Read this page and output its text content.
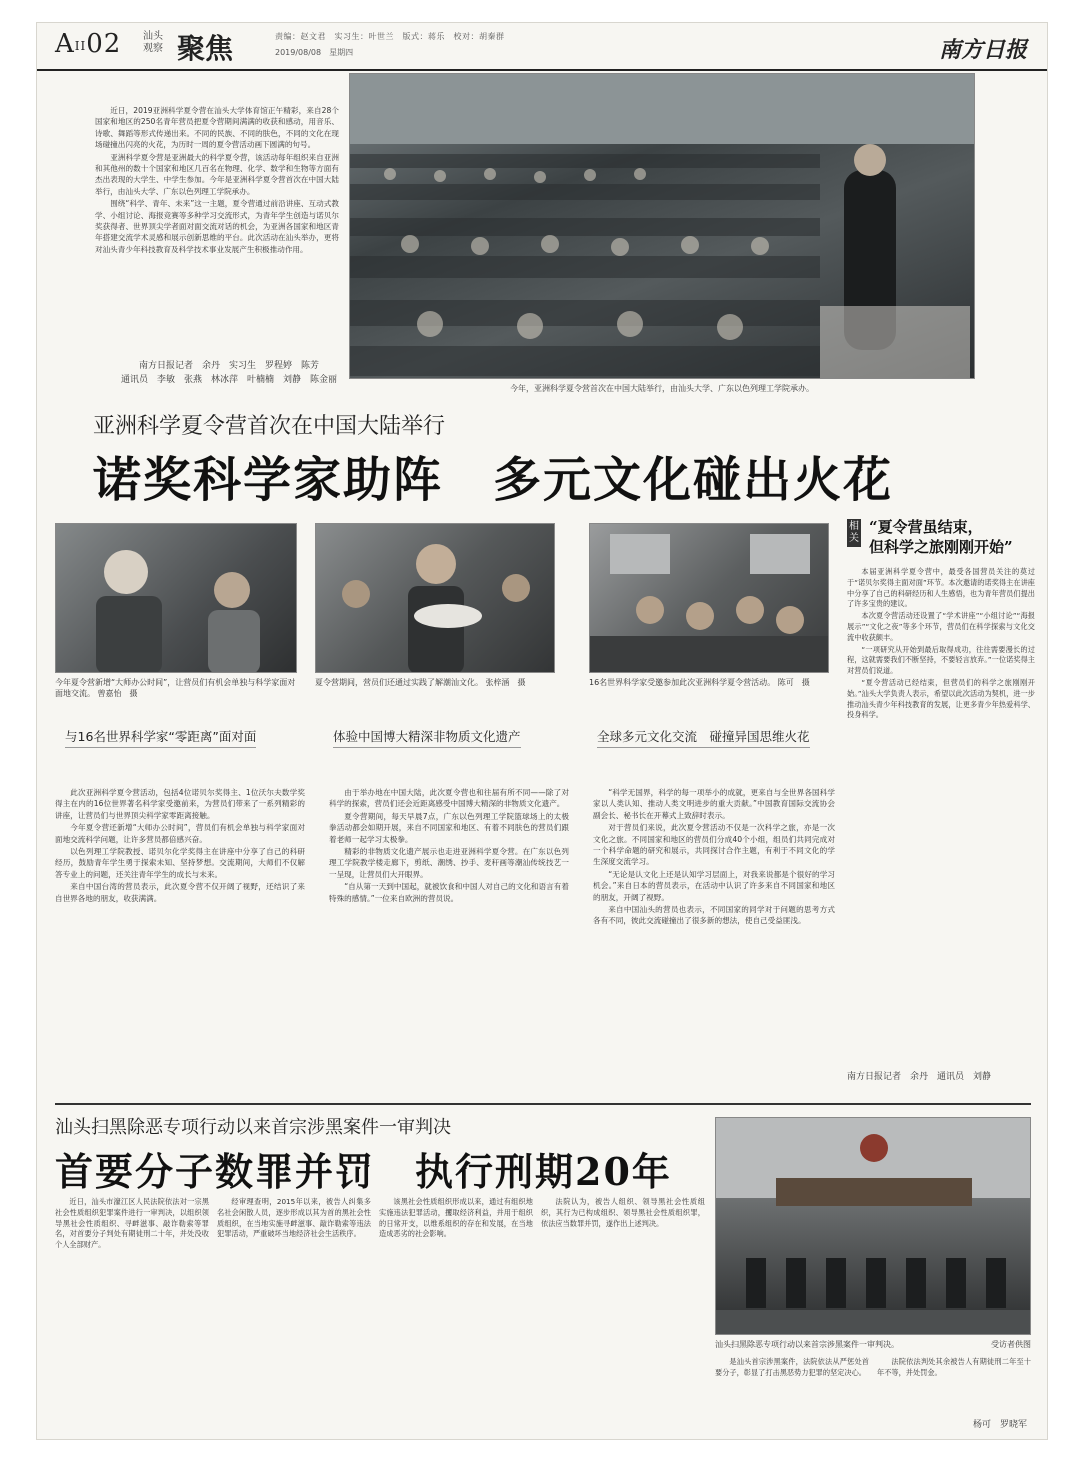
AII02 汕头观察 聚焦	责编：赵文君　实习生：叶世兰　版式：蒋乐　校对：胡秦群
2019/08/08　星期四	南方日报

近日，2019亚洲科学夏令营在汕头大学体育馆正午精彩，来自28个国家和地区的250名青年营员把夏令营期间满满的收获和感动，用音乐、诗歌、舞蹈等形式传递出来。不同的民族、不同的肤色，不同的文化在现场碰撞出闪亮的火花，为历时一周的夏令营活动画下圆满的句号。

亚洲科学夏令营是亚洲最大的科学夏令营，该活动每年组织来自亚洲和其他州的数十个国家和地区几百名在物理、化学、数学和生物等方面有杰出表现的大学生、中学生参加。今年是亚洲科学夏令营首次在中国大陆举行，由汕头大学、广东以色列理工学院承办。

围绕“科学、青年、未来”这一主题，夏令营通过前沿讲座、互动式教学、小组讨论、海报竞赛等多种学习交流形式，为青年学生创造与诺贝尔奖获得者、世界顶尖学者面对面交流对话的机会，为亚洲各国家和地区青年搭建交流学术灵感和展示创新思维的平台。此次活动在汕头举办，更将对汕头青少年科技教育及科学技术事业发展产生积极推动作用。

南方日报记者　余丹　实习生　罗程婷　陈芳
通讯员　李敏　张燕　林冰萍　叶楠楠　刘静　陈金丽
今年，亚洲科学夏令营首次在中国大陆举行，由汕头大学、广东以色列理工学院承办。
亚洲科学夏令营首次在中国大陆举行
诺奖科学家助阵　多元文化碰出火花
今年夏令营新增“大师办公时间”，让营员们有机会单独与科学家面对面地交流。 曾嘉怡　摄
夏令营期间，营员们还通过实践了解潮汕文化。 张梓涵　摄	16名世界科学家受邀参加此次亚洲科学夏令营活动。 陈可　摄
与16名世界科学家“零距离”面对面	体验中国博大精深非物质文化遗产	全球多元文化交流　碰撞异国思维火花

此次亚洲科学夏令营活动，包括4位诺贝尔奖得主、1位沃尔夫数学奖得主在内的16位世界著名科学家受邀前来，为营员们带来了一系列精彩的讲座，让营员们与世界顶尖科学家零距离接触。

今年夏令营还新增“大师办公时间”，营员们有机会单独与科学家面对面地交流科学问题，让许多营员都倍感兴奋。

以色列理工学院教授、诺贝尔化学奖得主在讲座中分享了自己的科研经历，鼓励青年学生勇于探索未知、坚持梦想。交流期间，大师们不仅解答专业上的问题，还关注青年学生的成长与未来。

来自中国台湾的营员表示，此次夏令营不仅开阔了视野，还结识了来自世界各地的朋友，收获满满。

由于举办地在中国大陆，此次夏令营也和往届有所不同——除了对科学的探索，营员们还会近距离感受中国博大精深的非物质文化遗产。

夏令营期间，每天早晨7点，广东以色列理工学院篮球场上的太极拳活动都会如期开展，来自不同国家和地区、有着不同肤色的营员们跟着老师一起学习太极拳。

精彩的非物质文化遗产展示也走进亚洲科学夏令营。在广东以色列理工学院教学楼走廊下，剪纸、潮绣、抄手、麦秆画等潮汕传统技艺一一呈现，让营员们大开眼界。

“自从第一天到中国起，就被饮食和中国人对自己的文化和语言有着特殊的感情。”一位来自欧洲的营员说。

“科学无国界，科学的每一项举小的成就，更来自与全世界各国科学家以人类认知、推动人类文明进步的重大贡献。”中国教育国际交流协会副会长、秘书长在开幕式上致辞时表示。

对于营员们来说，此次夏令营活动不仅是一次科学之旅，亦是一次文化之旅。不同国家和地区的营员们分成40个小组，组员们共同完成对一个科学命题的研究和展示，共同探讨合作主题，有利于不同文化的学生深度交流学习。

“无论是认文化上还是认知学习层面上，对我来说都是个很好的学习机会。”来自日本的营员表示，在活动中认识了许多来自不同国家和地区的朋友，开阔了视野。

来自中国汕头的营员也表示，不同国家的同学对于问题的思考方式各有不同，彼此交流碰撞出了很多新的想法，使自己受益匪浅。

相关
“夏令营虽结束，
但科学之旅刚刚开始”

本届亚洲科学夏令营中，最受各国营员关注的莫过于“诺贝尔奖得主面对面”环节。本次邀请的诺奖得主在讲座中分享了自己的科研经历和人生感悟，也为青年营员们提出了许多宝贵的建议。

本次夏令营活动还设置了“学术讲座”“小组讨论”“海报展示”“文化之夜”等多个环节，营员们在科学探索与文化交流中收获颇丰。

“一项研究从开始到最后取得成功，往往需要漫长的过程，这就需要我们不断坚持，不要轻言放弃。”一位诺奖得主对营员们说道。

“夏令营活动已经结束，但营员们的科学之旅刚刚开始。”汕头大学负责人表示，希望以此次活动为契机，进一步推动汕头青少年科技教育的发展，让更多青少年热爱科学、投身科学。

南方日报记者　余丹　通讯员　刘静
汕头扫黑除恶专项行动以来首宗涉黑案件一审判决
首要分子数罪并罚　执行刑期20年
汕头扫黑除恶专项行动以来首宗涉黑案件一审判决。	受访者供图

近日，汕头市濠江区人民法院依法对一宗黑社会性质组织犯罪案件进行一审判决，以组织领导黑社会性质组织、寻衅滋事、敲诈勒索等罪名，对首要分子判处有期徒刑二十年，并处没收个人全部财产。

经审理查明，2015年以来，被告人纠集多名社会闲散人员，逐步形成以其为首的黑社会性质组织，在当地实施寻衅滋事、敲诈勒索等违法犯罪活动，严重破坏当地经济社会生活秩序。

该黑社会性质组织形成以来，通过有组织地实施违法犯罪活动，攫取经济利益，并用于组织的日常开支，以维系组织的存在和发展，在当地造成恶劣的社会影响。

法院认为，被告人组织、领导黑社会性质组织，其行为已构成组织、领导黑社会性质组织罪，依法应当数罪并罚，遂作出上述判决。

是汕头首宗涉黑案件，法院依法从严惩处首要分子，彰显了打击黑恶势力犯罪的坚定决心。

法院依法判处其余被告人有期徒刑二年至十年不等，并处罚金。

杨可　罗晓军
